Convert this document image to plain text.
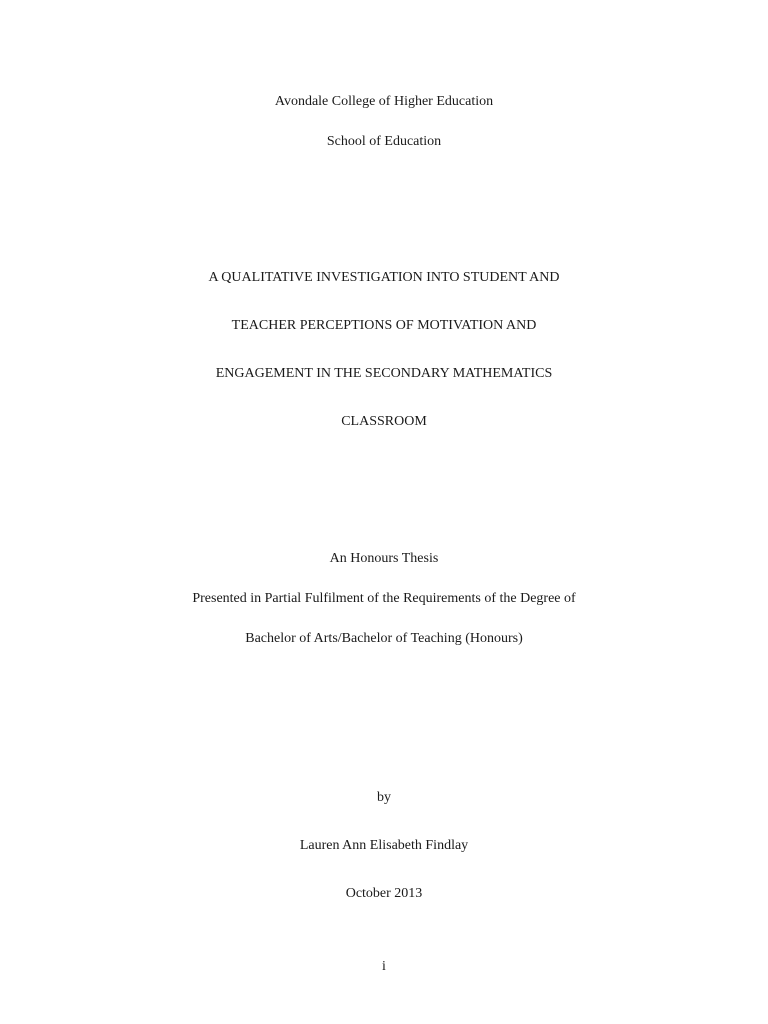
Avondale College of Higher Education
School of Education
A QUALITATIVE INVESTIGATION INTO STUDENT AND
TEACHER PERCEPTIONS OF MOTIVATION AND
ENGAGEMENT IN THE SECONDARY MATHEMATICS
CLASSROOM
An Honours Thesis
Presented in Partial Fulfilment of the Requirements of the Degree of
Bachelor of Arts/Bachelor of Teaching (Honours)
by
Lauren Ann Elisabeth Findlay
October 2013
i
